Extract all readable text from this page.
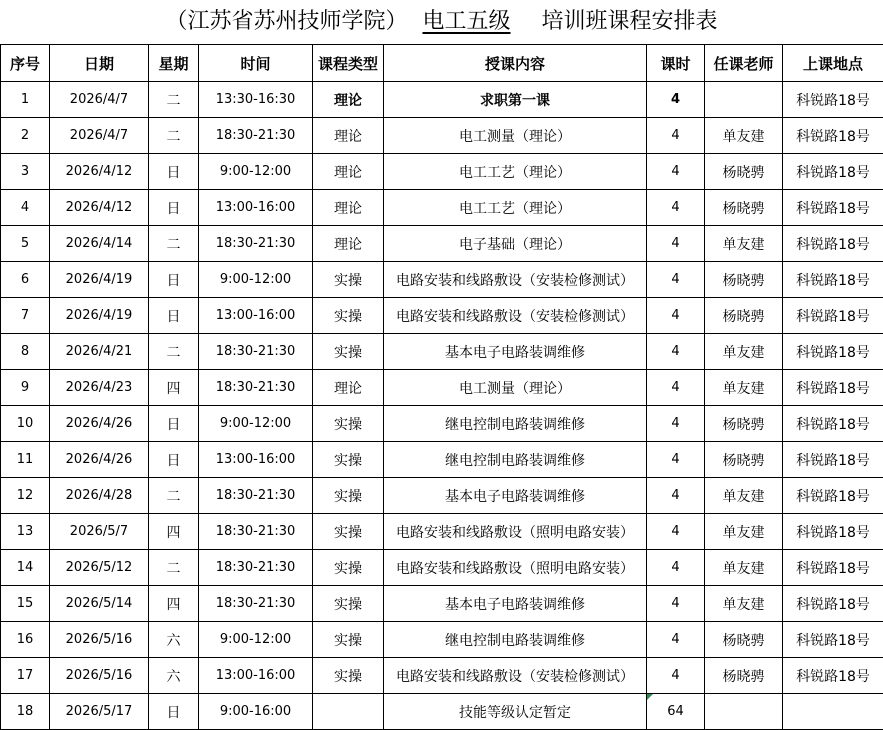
（江苏省苏州技师学院） 电工五级 培训班课程安排表
序号	日期	星期	时间	课程类型	授课内容	课时	任课老师	上课地点
1	2026/4/7	二	13:30-16:30	理论	求职第一课	4		科锐路18号
2	2026/4/7	二	18:30-21:30	理论	电工测量（理论）	4	单友建	科锐路18号
3	2026/4/12	日	9:00-12:00	理论	电工工艺（理论）	4	杨晓骋	科锐路18号
4	2026/4/12	日	13:00-16:00	理论	电工工艺（理论）	4	杨晓骋	科锐路18号
5	2026/4/14	二	18:30-21:30	理论	电子基础（理论）	4	单友建	科锐路18号
6	2026/4/19	日	9:00-12:00	实操	电路安装和线路敷设（安装检修测试）	4	杨晓骋	科锐路18号
7	2026/4/19	日	13:00-16:00	实操	电路安装和线路敷设（安装检修测试）	4	杨晓骋	科锐路18号
8	2026/4/21	二	18:30-21:30	实操	基本电子电路装调维修	4	单友建	科锐路18号
9	2026/4/23	四	18:30-21:30	理论	电工测量（理论）	4	单友建	科锐路18号
10	2026/4/26	日	9:00-12:00	实操	继电控制电路装调维修	4	杨晓骋	科锐路18号
11	2026/4/26	日	13:00-16:00	实操	继电控制电路装调维修	4	杨晓骋	科锐路18号
12	2026/4/28	二	18:30-21:30	实操	基本电子电路装调维修	4	单友建	科锐路18号
13	2026/5/7	四	18:30-21:30	实操	电路安装和线路敷设（照明电路安装）	4	单友建	科锐路18号
14	2026/5/12	二	18:30-21:30	实操	电路安装和线路敷设（照明电路安装）	4	单友建	科锐路18号
15	2026/5/14	四	18:30-21:30	实操	基本电子电路装调维修	4	单友建	科锐路18号
16	2026/5/16	六	9:00-12:00	实操	继电控制电路装调维修	4	杨晓骋	科锐路18号
17	2026/5/16	六	13:00-16:00	实操	电路安装和线路敷设（安装检修测试）	4	杨晓骋	科锐路18号
18	2026/5/17	日	9:00-16:00		技能等级认定暂定	64
